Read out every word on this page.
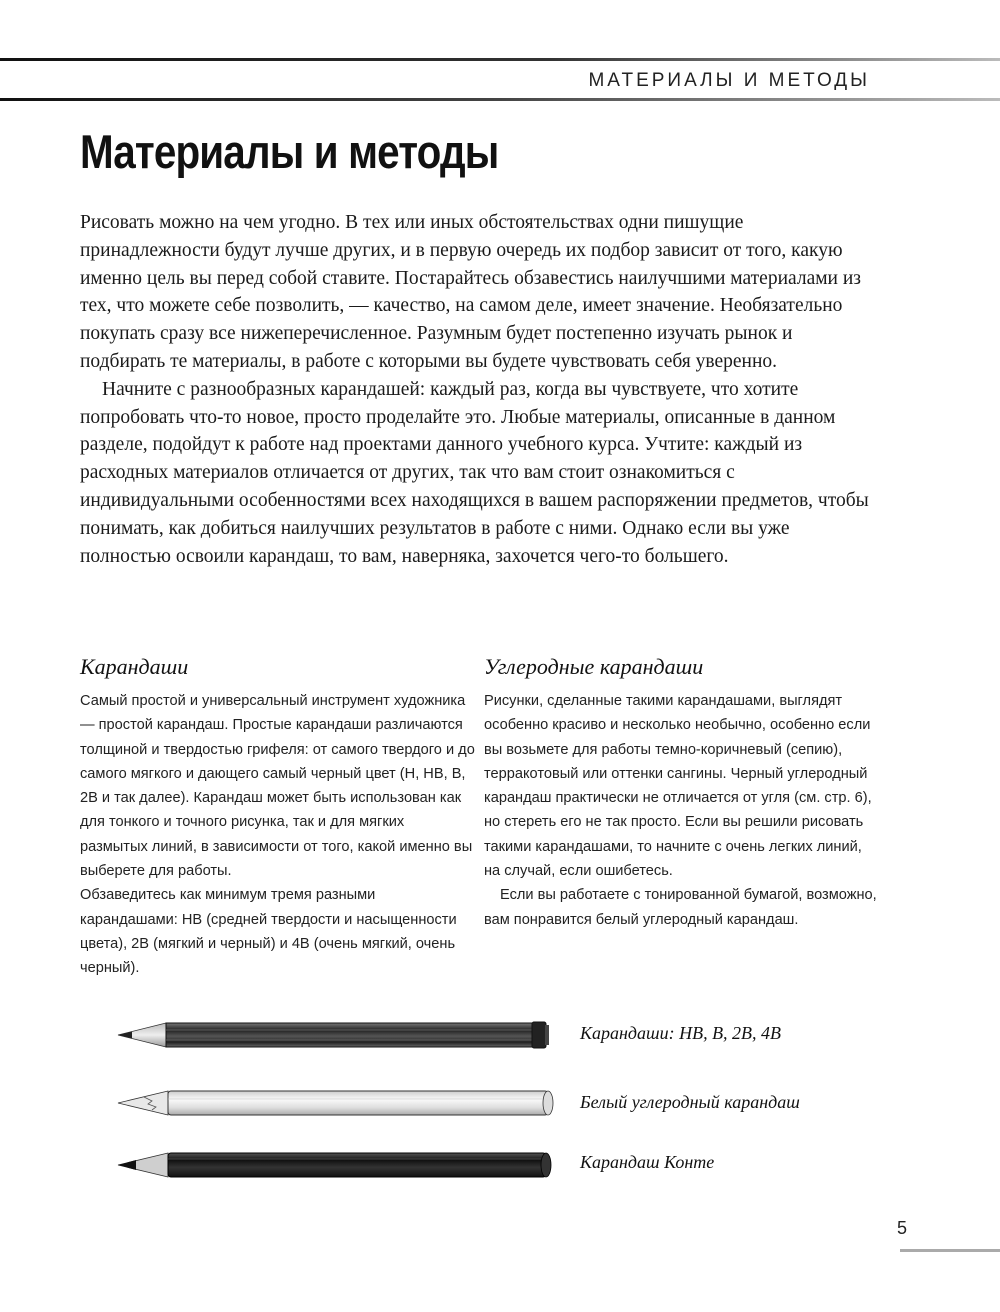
МАТЕРИАЛЫ И МЕТОДЫ
Материалы и методы

Рисовать можно на чем угодно. В тех или иных обстоятельствах одни пишущие принадлежности будут лучше других, и в первую очередь их подбор зависит от того, какую именно цель вы перед собой ставите. Постарайтесь обзавестись наилучшими материалами из тех, что можете себе позволить, — качество, на самом деле, имеет значение. Необязательно покупать сразу все нижеперечисленное. Разумным будет постепенно изучать рынок и подбирать те материалы, в работе с которыми вы будете чувствовать себя уверенно.

Начните с разнообразных карандашей: каждый раз, когда вы чувствуете, что хотите попробовать что-то новое, просто проделайте это. Любые материалы, описанные в данном разделе, подойдут к работе над проектами данного учебного курса. Учтите: каждый из расходных материалов отличается от других, так что вам стоит ознакомиться с индивидуальными особенностями всех находящихся в вашем распоряжении предметов, чтобы понимать, как добиться наилучших результатов в работе с ними. Однако если вы уже полностью освоили карандаш, то вам, наверняка, захочется чего-то большего.

Карандаши

Самый простой и универсальный инструмент художника — простой карандаш. Простые карандаши различаются толщиной и твердостью грифеля: от самого твердого и до самого мягкого и дающего самый черный цвет (H, HB, B, 2B и так далее). Карандаш может быть использован как для тонкого и точного рисунка, так и для мягких размытых линий, в зависимости от того, какой именно вы выберете для работы.

Обзаведитесь как минимум тремя разными карандашами: HB (средней твердости и насыщенности цвета), 2B (мягкий и черный) и 4B (очень мягкий, очень черный).

Углеродные карандаши

Рисунки, сделанные такими карандашами, выглядят особенно красиво и несколько необычно, особенно если вы возьмете для работы темно-коричневый (сепию), терракотовый или оттенки сангины. Черный углеродный карандаш практически не отличается от угля (см. стр. 6), но стереть его не так просто. Если вы решили рисовать такими карандашами, то начните с очень легких линий, на случай, если ошибетесь.

Если вы работаете с тонированной бумагой, возможно, вам понравится белый углеродный карандаш.

Карандаши: HB, B, 2B, 4B
Белый углеродный карандаш
Карандаш Конте
5
